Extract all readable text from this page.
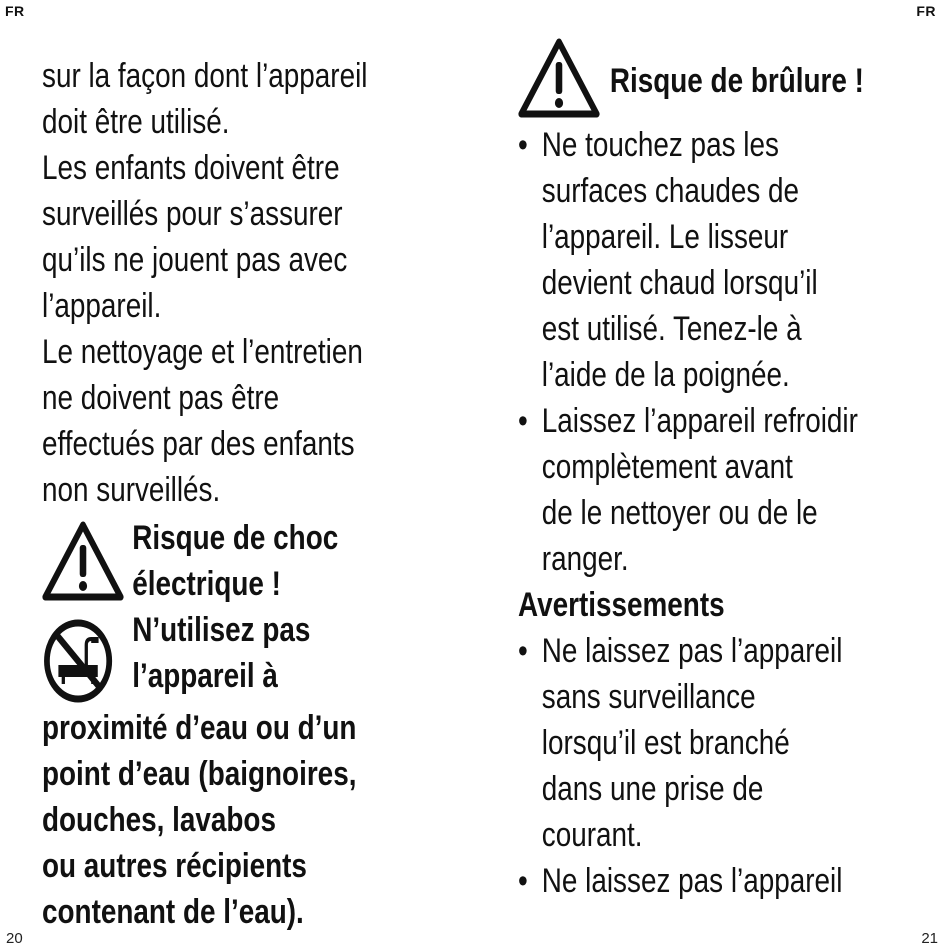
FR	FR

sur la façon dont l’appareil

doit être utilisé.

Les enfants doivent être

surveillés pour s’assurer

qu’ils ne jouent pas avec

l’appareil.

Le nettoyage et l’entretien

ne doivent pas être

effectués par des enfants

non surveillés.

Risque de choc

électrique !

N’utilisez pas

l’appareil à

proximité d’eau ou d’un

point d’eau (baignoires,

douches, lavabos

ou autres récipients

contenant de l’eau).

Risque de brûlure !

• Ne touchez pas les

surfaces chaudes de

l’appareil. Le lisseur

devient chaud lorsqu’il

est utilisé. Tenez-le à

l’aide de la poignée.

• Laissez l’appareil refroidir

complètement avant

de le nettoyer ou de le

ranger.

Avertissements

• Ne laissez pas l’appareil

sans surveillance

lorsqu’il est branché

dans une prise de

courant.

• Ne laissez pas l’appareil

20	21
